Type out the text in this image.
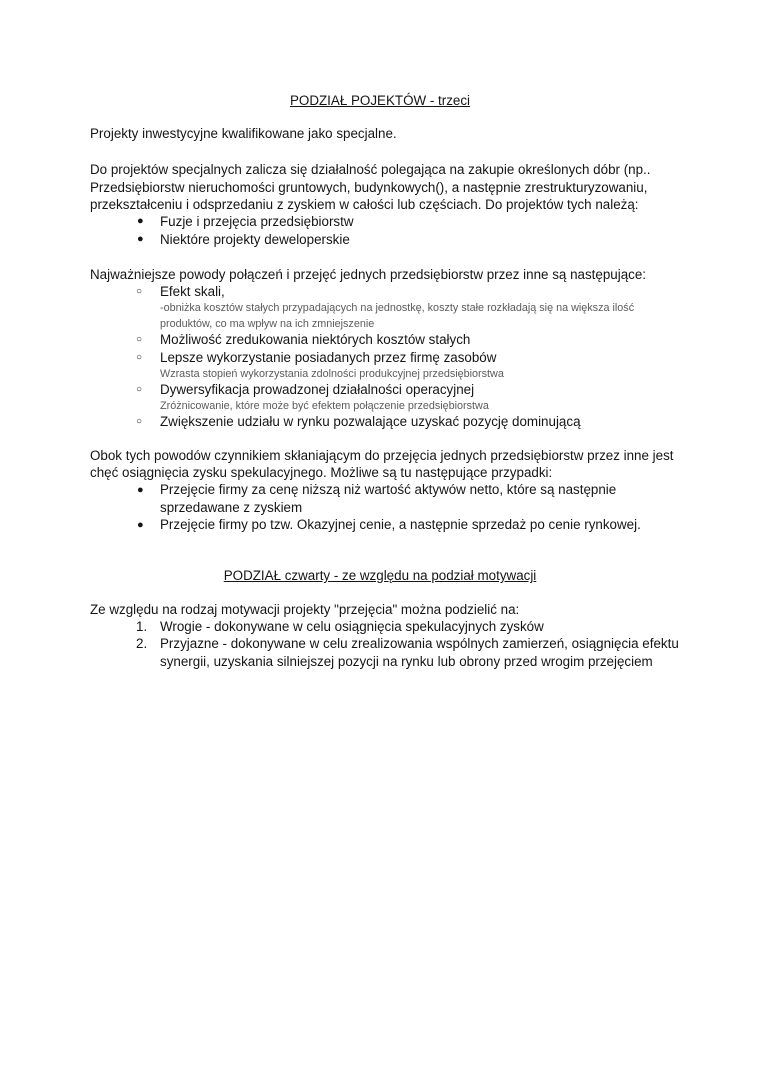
PODZIAŁ POJEKTÓW - trzeci
Projekty inwestycyjne kwalifikowane jako specjalne.
Do projektów specjalnych zalicza się działalność polegająca na zakupie określonych dóbr (np..
Przedsiębiorstw nieruchomości gruntowych, budynkowych(), a następnie zrestrukturyzowaniu,
przekształceniu i odsprzedaniu z zyskiem w całości lub częściach. Do projektów tych należą:
● Fuzje i przejęcia przedsiębiorstw
● Niektóre projekty deweloperskie
Najważniejsze powody połączeń i przejęć jednych przedsiębiorstw przez inne są następujące:
○ Efekt skali,
-obniżka kosztów stałych przypadających na jednostkę, koszty stałe rozkładają się na większa ilość
produktów, co ma wpływ na ich zmniejszenie
○ Możliwość zredukowania niektórych kosztów stałych
○ Lepsze wykorzystanie posiadanych przez firmę zasobów
Wzrasta stopień wykorzystania zdolności produkcyjnej przedsiębiorstwa
○ Dywersyfikacja prowadzonej działalności operacyjnej
Zróżnicowanie, które może być efektem połączenie przedsiębiorstwa
○ Zwiększenie udziału w rynku pozwalające uzyskać pozycję dominującą
Obok tych powodów czynnikiem skłaniającym do przejęcia jednych przedsiębiorstw przez inne jest
chęć osiągnięcia zysku spekulacyjnego. Możliwe są tu następujące przypadki:
● Przejęcie firmy za cenę niższą niż wartość aktywów netto, które są następnie
sprzedawane z zyskiem
● Przejęcie firmy po tzw. Okazyjnej cenie, a następnie sprzedaż po cenie rynkowej.
PODZIAŁ czwarty - ze względu na podział motywacji
Ze względu na rodzaj motywacji projekty "przejęcia" można podzielić na:
1. Wrogie - dokonywane w celu osiągnięcia spekulacyjnych zysków
2. Przyjazne - dokonywane w celu zrealizowania wspólnych zamierzeń, osiągnięcia efektu
synergii, uzyskania silniejszej pozycji na rynku lub obrony przed wrogim przejęciem
